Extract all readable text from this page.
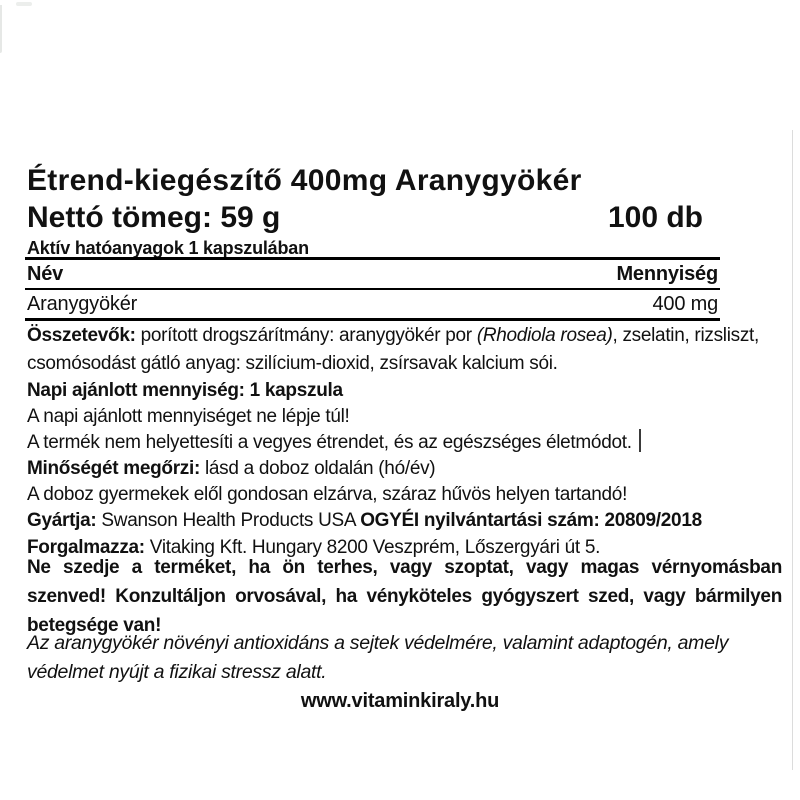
Étrend-kiegészítő 400mg Aranygyökér
Nettó tömeg: 59 g	100 db
Aktív hatóanyagok 1 kapszulában
Név	Mennyiség
Aranygyökér	400 mg
Összetevők: porított drogszárítmány: aranygyökér por (Rhodiola rosea), zselatin, rizsliszt, csomósodást gátló anyag: szilícium-dioxid, zsírsavak kalcium sói.
Napi ajánlott mennyiség: 1 kapszula
A napi ajánlott mennyiséget ne lépje túl!
A termék nem helyettesíti a vegyes étrendet, és az egészséges életmódot.
Minőségét megőrzi: lásd a doboz oldalán (hó/év)
A doboz gyermekek elől gondosan elzárva, száraz hűvös helyen tartandó!
Gyártja: Swanson Health Products USA OGYÉI nyilvántartási szám: 20809/2018
Forgalmazza: Vitaking Kft. Hungary 8200 Veszprém, Lőszergyári út 5.
Ne szedje a terméket, ha ön terhes, vagy szoptat, vagy magas vérnyomásban szenved! Konzultáljon orvosával, ha vényköteles gyógyszert szed, vagy bármilyen betegsége van!
Az aranygyökér növényi antioxidáns a sejtek védelmére, valamint adaptogén, amely védelmet nyújt a fizikai stressz alatt.
www.vitaminkiraly.hu
